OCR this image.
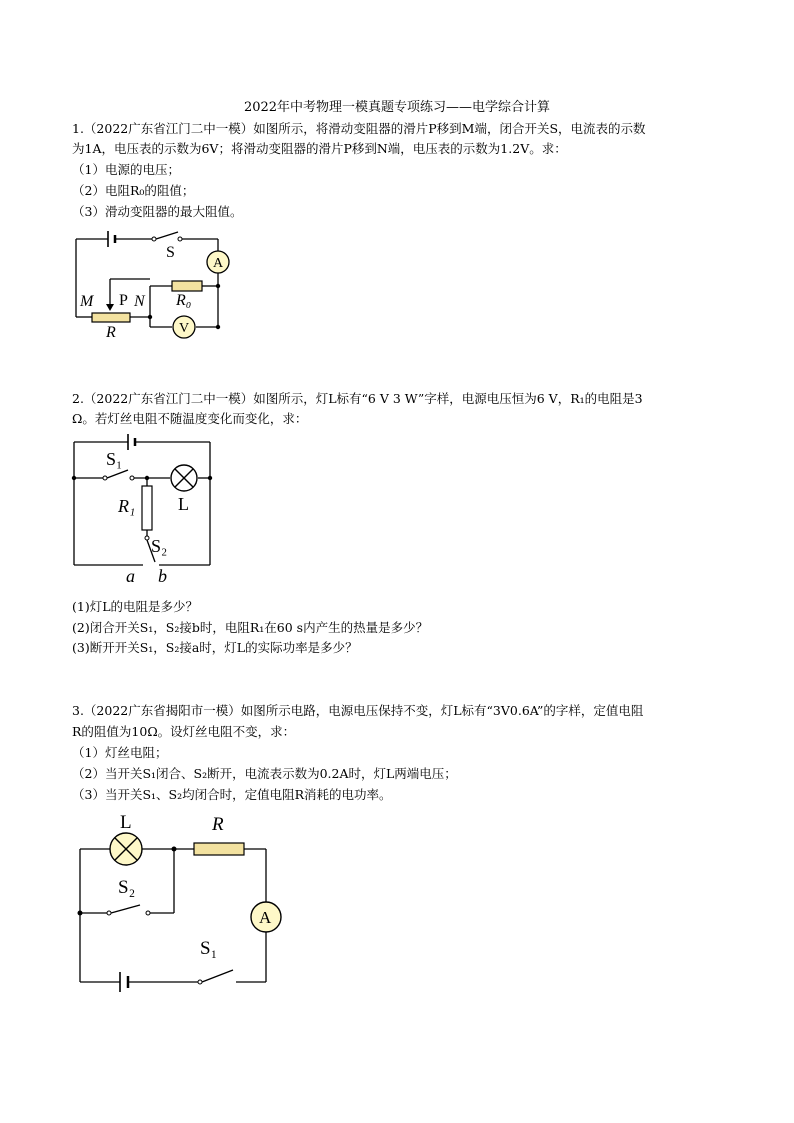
2022年中考物理一模真题专项练习——电学综合计算
1.（2022广东省江门二中一模）如图所示，将滑动变阻器的滑片P移到M端，闭合开关S，电流表的示数
为1A，电压表的示数为6V；将滑动变阻器的滑片P移到N端，电压表的示数为1.2V。求：
（1）电源的电压；
（2）电阻R₀的阻值；
（3）滑动变阻器的最大阻值。
S
A
V
P
M	N R₀
R
2.（2022广东省江门二中一模）如图所示，灯L标有“6 V 3 W”字样，电源电压恒为6 V，R₁的电阻是3
Ω。若灯丝电阻不随温度变化而变化，求：
S₁
L
R₁
S₂
a b
(1)灯L的电阻是多少？
(2)闭合开关S₁，S₂接b时，电阻R₁在60 s内产生的热量是多少？
(3)断开开关S₁，S₂接a时，灯L的实际功率是多少？
3.（2022广东省揭阳市一模）如图所示电路，电源电压保持不变，灯L标有“3V0.6A”的字样，定值电阻
R的阻值为10Ω。设灯丝电阻不变，求：
（1）灯丝电阻；
（2）当开关S₁闭合、S₂断开，电流表示数为0.2A时，灯L两端电压；
（3）当开关S₁、S₂均闭合时，定值电阻R消耗的电功率。
L	R
S₂
A
S₁
